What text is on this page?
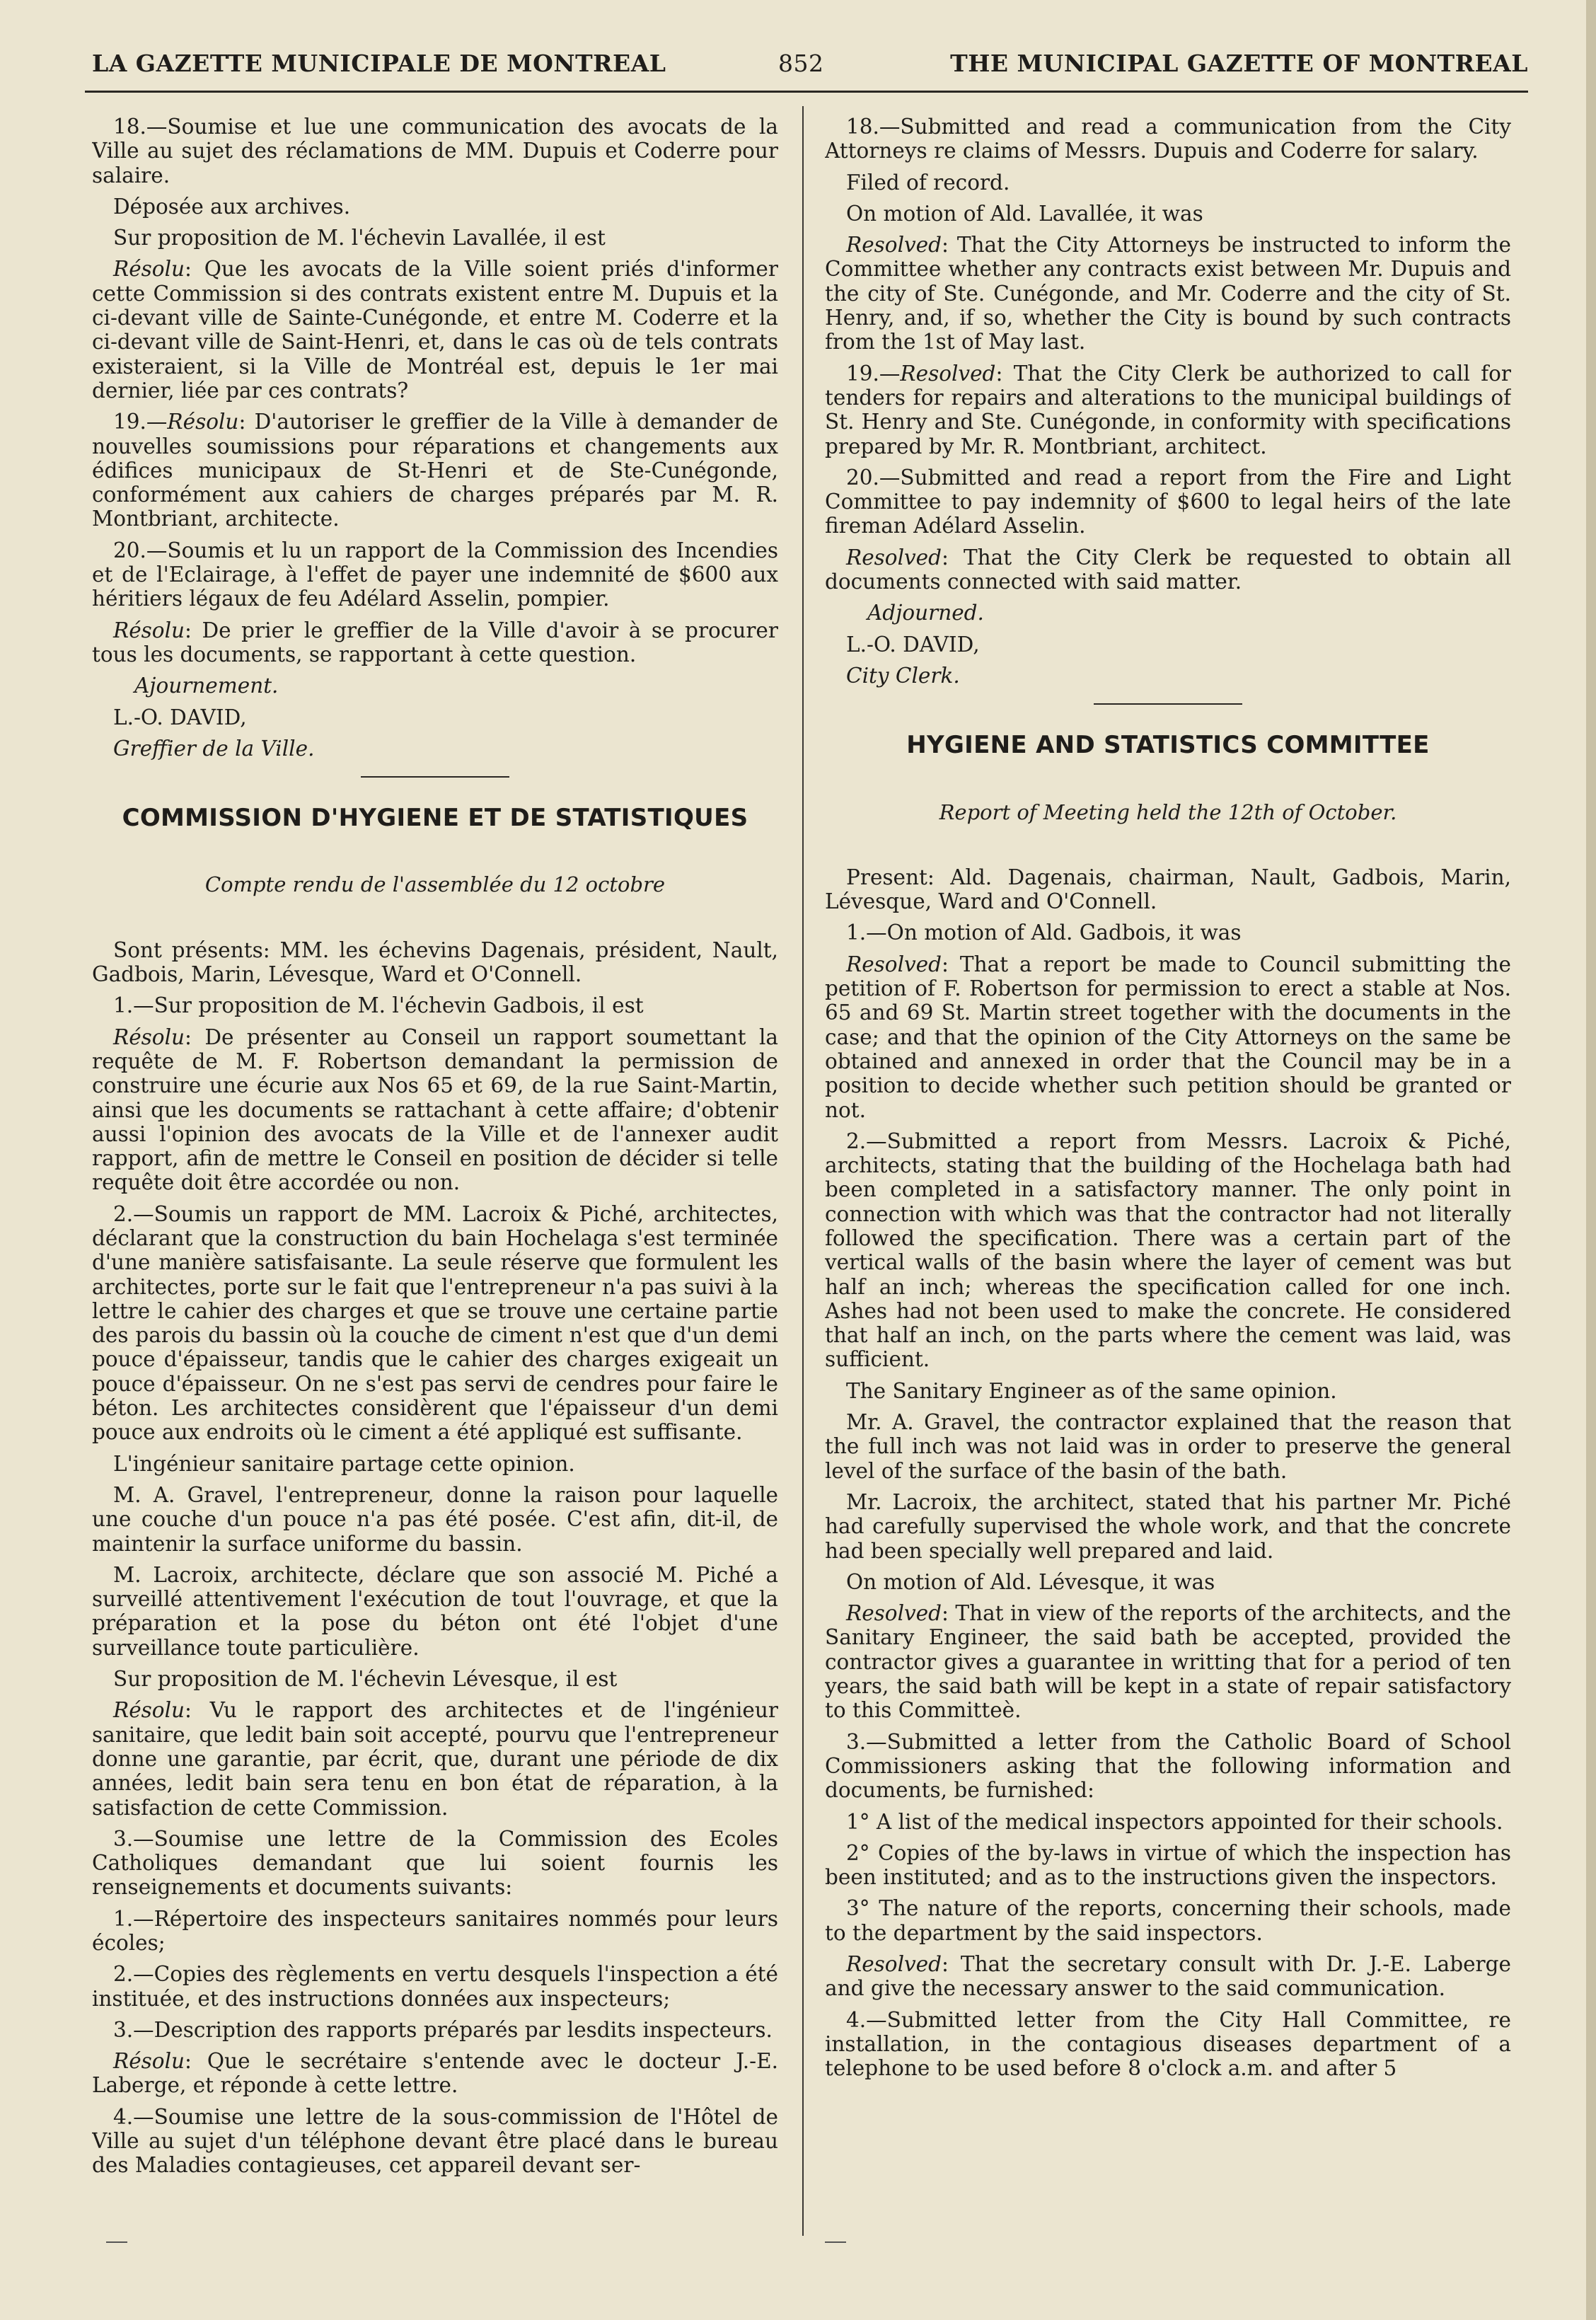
LA GAZETTE MUNICIPALE DE MONTREAL	852	THE MUNICIPAL GAZETTE OF MONTREAL

18.—Soumise et lue une communication des avocats de la Ville au sujet des réclamations de MM. Dupuis et Coderre pour salaire.

Déposée aux archives.

Sur proposition de M. l'échevin Lavallée, il est

Résolu: Que les avocats de la Ville soient priés d'informer cette Commission si des contrats existent entre M. Dupuis et la ci-devant ville de Sainte-Cunégonde, et entre M. Coderre et la ci-devant ville de Saint-Henri, et, dans le cas où de tels contrats existeraient, si la Ville de Montréal est, depuis le 1er mai dernier, liée par ces contrats?

19.—Résolu: D'autoriser le greffier de la Ville à demander de nouvelles soumissions pour réparations et changements aux édifices municipaux de St-Henri et de Ste-Cunégonde, conformément aux cahiers de charges préparés par M. R. Montbriant, architecte.

20.—Soumis et lu un rapport de la Commission des Incendies et de l'Eclairage, à l'effet de payer une indemnité de $600 aux héritiers légaux de feu Adélard Asselin, pompier.

Résolu: De prier le greffier de la Ville d'avoir à se procurer tous les documents, se rapportant à cette question.

Ajournement.

L.-O. DAVID,

Greffier de la Ville.

COMMISSION D'HYGIENE ET DE STATISTIQUES
Compte rendu de l'assemblée du 12 octobre

Sont présents: MM. les échevins Dagenais, président, Nault, Gadbois, Marin, Lévesque, Ward et O'Connell.

1.—Sur proposition de M. l'échevin Gadbois, il est

Résolu: De présenter au Conseil un rapport soumettant la requête de M. F. Robertson demandant la permission de construire une écurie aux Nos 65 et 69, de la rue Saint-Martin, ainsi que les documents se rattachant à cette affaire; d'obtenir aussi l'opinion des avocats de la Ville et de l'annexer audit rapport, afin de mettre le Conseil en position de décider si telle requête doit être accordée ou non.

2.—Soumis un rapport de MM. Lacroix & Piché, architectes, déclarant que la construction du bain Hochelaga s'est terminée d'une manière satisfaisante. La seule réserve que formulent les architectes, porte sur le fait que l'entrepreneur n'a pas suivi à la lettre le cahier des charges et que se trouve une certaine partie des parois du bassin où la couche de ciment n'est que d'un demi pouce d'épaisseur, tandis que le cahier des charges exigeait un pouce d'épaisseur. On ne s'est pas servi de cendres pour faire le béton. Les architectes considèrent que l'épaisseur d'un demi pouce aux endroits où le ciment a été appliqué est suffisante.

L'ingénieur sanitaire partage cette opinion.

M. A. Gravel, l'entrepreneur, donne la raison pour laquelle une couche d'un pouce n'a pas été posée. C'est afin, dit-il, de maintenir la surface uniforme du bassin.

M. Lacroix, architecte, déclare que son associé M. Piché a surveillé attentivement l'exécution de tout l'ouvrage, et que la préparation et la pose du béton ont été l'objet d'une surveillance toute particulière.

Sur proposition de M. l'échevin Lévesque, il est

Résolu: Vu le rapport des architectes et de l'ingénieur sanitaire, que ledit bain soit accepté, pourvu que l'entrepreneur donne une garantie, par écrit, que, durant une période de dix années, ledit bain sera tenu en bon état de réparation, à la satisfaction de cette Commission.

3.—Soumise une lettre de la Commission des Ecoles Catholiques demandant que lui soient fournis les renseignements et documents suivants:

1.—Répertoire des inspecteurs sanitaires nommés pour leurs écoles;

2.—Copies des règlements en vertu desquels l'inspection a été instituée, et des instructions données aux inspecteurs;

3.—Description des rapports préparés par lesdits inspecteurs.

Résolu: Que le secrétaire s'entende avec le docteur J.-E. Laberge, et réponde à cette lettre.

4.—Soumise une lettre de la sous-commission de l'Hôtel de Ville au sujet d'un téléphone devant être placé dans le bureau des Maladies contagieuses, cet appareil devant ser-

18.—Submitted and read a communication from the City Attorneys re claims of Messrs. Dupuis and Coderre for salary.

Filed of record.

On motion of Ald. Lavallée, it was

Resolved: That the City Attorneys be instructed to inform the Committee whether any contracts exist between Mr. Dupuis and the city of Ste. Cunégonde, and Mr. Coderre and the city of St. Henry, and, if so, whether the City is bound by such contracts from the 1st of May last.

19.—Resolved: That the City Clerk be authorized to call for tenders for repairs and alterations to the municipal buildings of St. Henry and Ste. Cunégonde, in conformity with specifications prepared by Mr. R. Montbriant, architect.

20.—Submitted and read a report from the Fire and Light Committee to pay indemnity of $600 to legal heirs of the late fireman Adélard Asselin.

Resolved: That the City Clerk be requested to obtain all documents connected with said matter.

Adjourned.

L.-O. DAVID,

City Clerk.

HYGIENE AND STATISTICS COMMITTEE
Report of Meeting held the 12th of October.

Present: Ald. Dagenais, chairman, Nault, Gadbois, Marin, Lévesque, Ward and O'Connell.

1.—On motion of Ald. Gadbois, it was

Resolved: That a report be made to Council submitting the petition of F. Robertson for permission to erect a stable at Nos. 65 and 69 St. Martin street together with the documents in the case; and that the opinion of the City Attorneys on the same be obtained and annexed in order that the Council may be in a position to decide whether such petition should be granted or not.

2.—Submitted a report from Messrs. Lacroix & Piché, architects, stating that the building of the Hochelaga bath had been completed in a satisfactory manner. The only point in connection with which was that the contractor had not literally followed the specification. There was a certain part of the vertical walls of the basin where the layer of cement was but half an inch; whereas the specification called for one inch. Ashes had not been used to make the concrete. He considered that half an inch, on the parts where the cement was laid, was sufficient.

The Sanitary Engineer as of the same opinion.

Mr. A. Gravel, the contractor explained that the reason that the full inch was not laid was in order to preserve the general level of the surface of the basin of the bath.

Mr. Lacroix, the architect, stated that his partner Mr. Piché had carefully supervised the whole work, and that the concrete had been specially well prepared and laid.

On motion of Ald. Lévesque, it was

Resolved: That in view of the reports of the architects, and the Sanitary Engineer, the said bath be accepted, provided the contractor gives a guarantee in writting that for a period of ten years, the said bath will be kept in a state of repair satisfactory to this Committeè.

3.—Submitted a letter from the Catholic Board of School Commissioners asking that the following information and documents, be furnished:

1° A list of the medical inspectors appointed for their schools.

2° Copies of the by-laws in virtue of which the inspection has been instituted; and as to the instructions given the inspectors.

3° The nature of the reports, concerning their schools, made to the department by the said inspectors.

Resolved: That the secretary consult with Dr. J.-E. Laberge and give the necessary answer to the said communication.

4.—Submitted letter from the City Hall Committee, re installation, in the contagious diseases department of a telephone to be used before 8 o'clock a.m. and after 5
